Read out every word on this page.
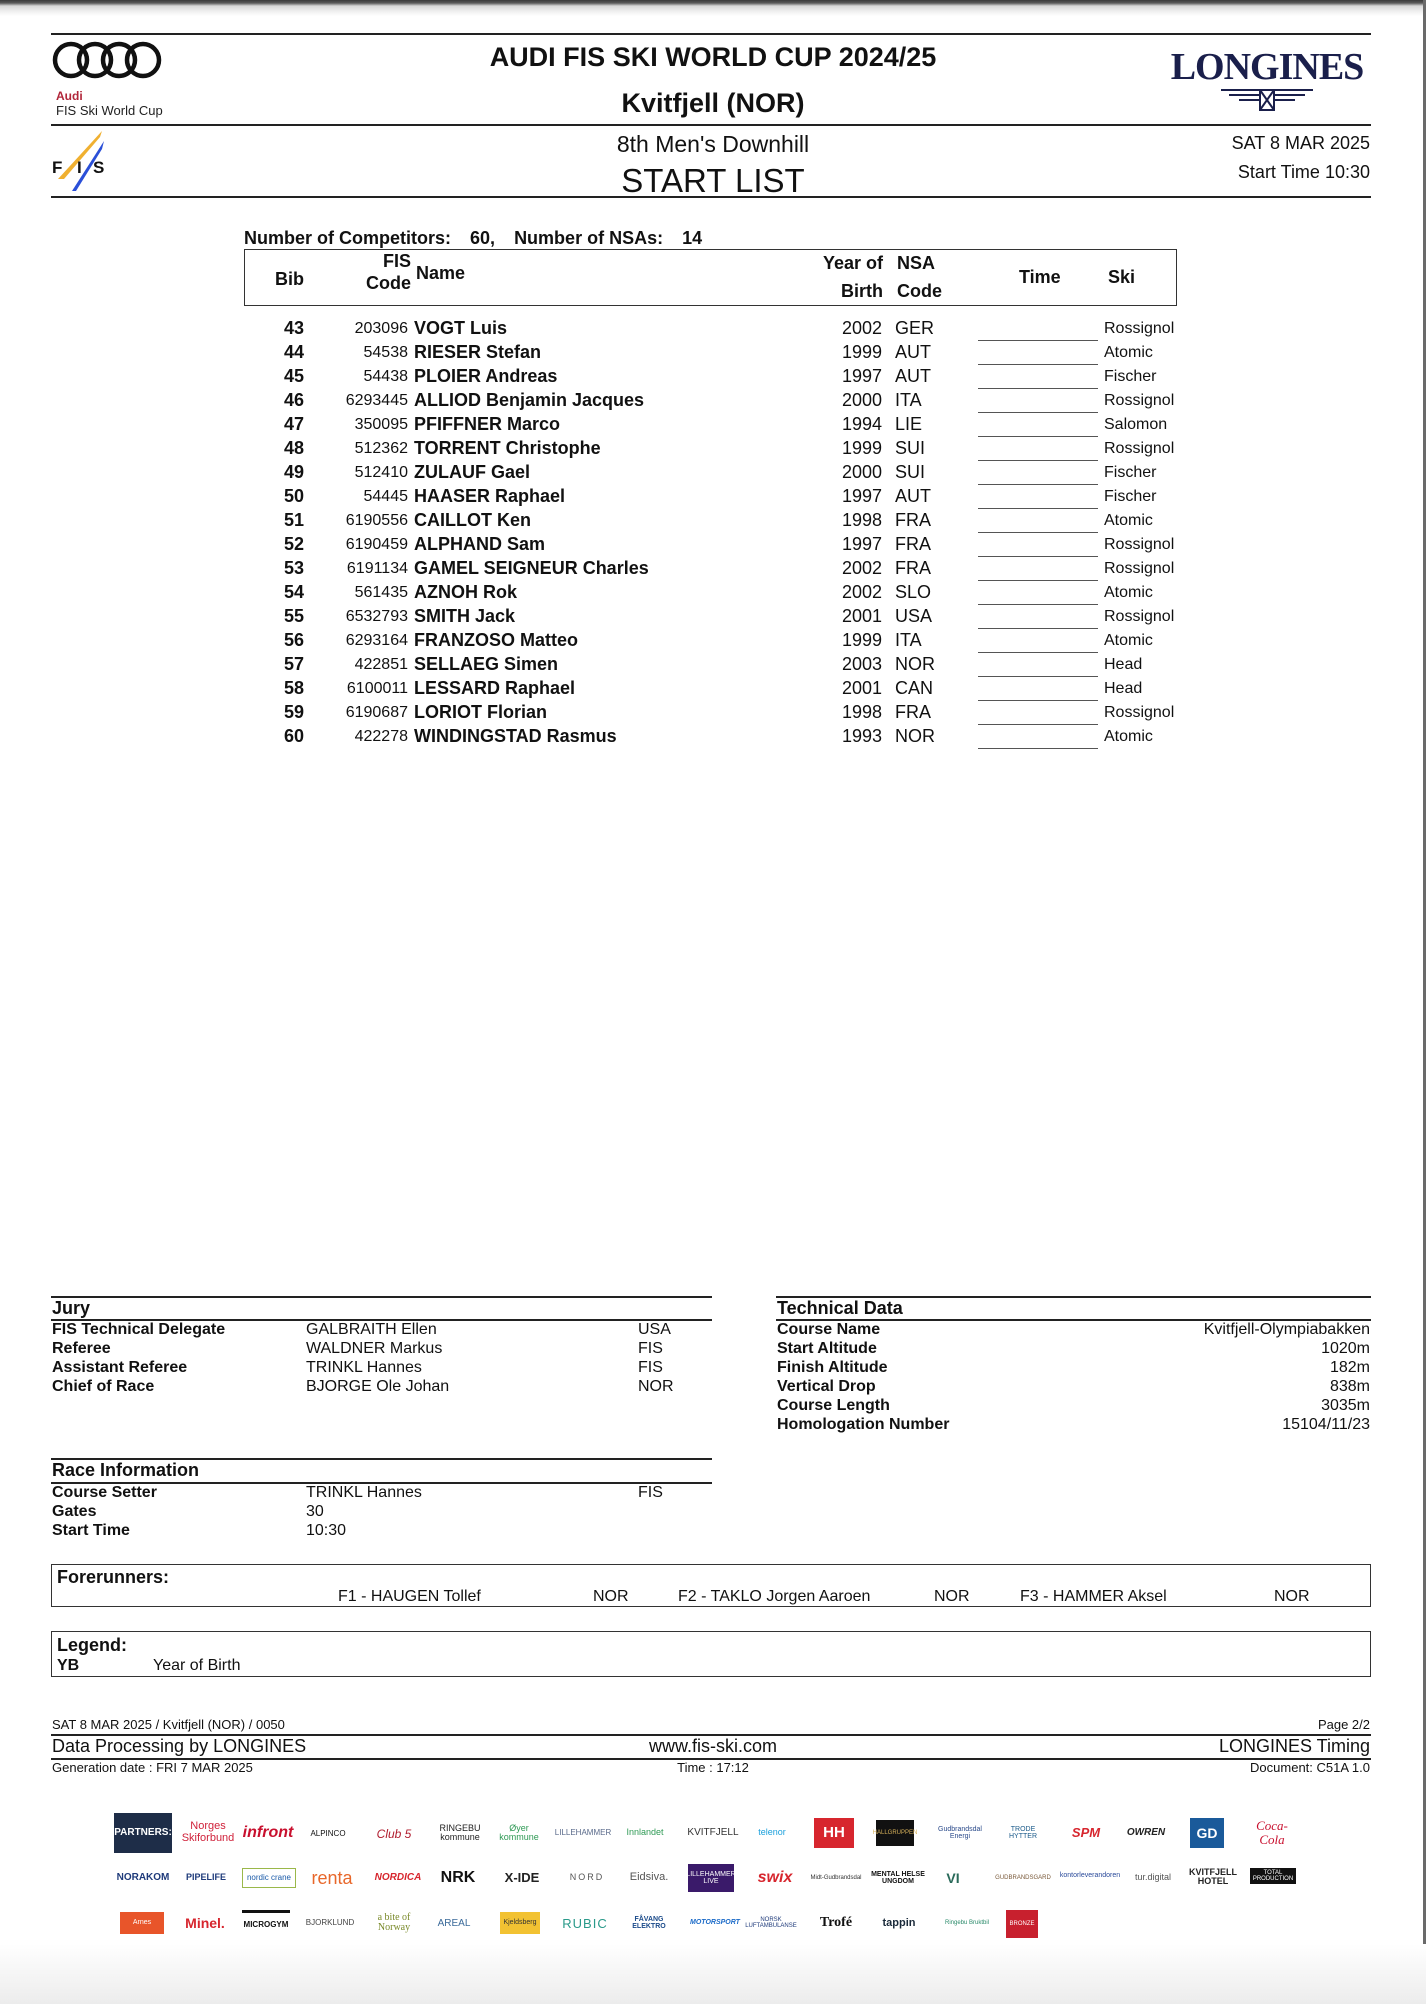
Audi
FIS Ski World Cup
F I S
AUDI FIS SKI WORLD CUP 2024/25
Kvitfjell (NOR)
8th Men's Downhill
START LIST
LONGINES
SAT 8 MAR 2025
Start Time 10:30
Number of Competitors: 60, Number of NSAs: 14
Bib
FIS
Code Name	Year of
Birth
NSA
Code
Time	Ski
43	203096 VOGT Luis	2002 GER	Rossignol
44	54538 RIESER Stefan	1999 AUT	Atomic
45	54438 PLOIER Andreas	1997 AUT	Fischer
46	6293445 ALLIOD Benjamin Jacques	2000 ITA	Rossignol
47	350095 PFIFFNER Marco	1994 LIE	Salomon
48	512362 TORRENT Christophe	1999 SUI	Rossignol
49	512410 ZULAUF Gael	2000 SUI	Fischer
50	54445 HAASER Raphael	1997 AUT	Fischer
51	6190556 CAILLOT Ken	1998 FRA	Atomic
52	6190459 ALPHAND Sam	1997 FRA	Rossignol
53	6191134 GAMEL SEIGNEUR Charles	2002 FRA	Rossignol
54	561435 AZNOH Rok	2002 SLO	Atomic
55	6532793 SMITH Jack	2001 USA	Rossignol
56	6293164 FRANZOSO Matteo	1999 ITA	Atomic
57	422851 SELLAEG Simen	2003 NOR	Head
58	6100011 LESSARD Raphael	2001 CAN	Head
59	6190687 LORIOT Florian	1998 FRA	Rossignol
60	422278 WINDINGSTAD Rasmus	1993 NOR	Atomic
Jury
FIS Technical Delegate	GALBRAITH Ellen	USA
Referee	WALDNER Markus	FIS
Assistant Referee	TRINKL Hannes	FIS
Chief of Race	BJORGE Ole Johan	NOR
Race Information
Course Setter	TRINKL Hannes	FIS
Gates	30
Start Time	10:30
Technical Data
Course Name	Kvitfjell-Olympiabakken
Start Altitude	1020m
Finish Altitude	182m
Vertical Drop	838m
Course Length	3035m
Homologation Number	15104/11/23
Forerunners:
F1 - HAUGEN Tollef	NOR	F2 - TAKLO Jorgen Aaroen	NOR	F3 - HAMMER Aksel	NOR
Legend:
YB	Year of Birth
SAT 8 MAR 2025 / Kvitfjell (NOR) / 0050	Page 2/2
Data Processing by LONGINES	www.fis-ski.com	LONGINES Timing
Generation date : FRI 7 MAR 2025	Time : 17:12	Document: C51A 1.0
PARTNERS:	Norges Skiforbund infront	ALPINCO	Club 5	RINGEBU kommune
Øyer kommune	LILLEHAMMER	Innlandet	KVITFJELL	telenor	HH	HALLGRUPPEN
Gudbrandsdal Energi
TRODE HYTTER	SPM	OWREN	GD	Coca-Cola
NORAKOM	PIPELIFE	nordic crane	renta	NORDICA NRK	X-IDE	NORD	Eidsiva.	LILLEHAMMER LIVE	swix	Midt-Gudbrandsdal
MENTAL HELSE UNGDOM	VI	GUDBRANDSGARD kontorleverandoren	tur.digital
KVITFJELL HOTEL
TOTAL PRODUCTION
Arnes	Minel.	MICROGYM BJORKLUND	a bite of Norway	AREAL	Kjeldsberg RUBIC	FÅVANG ELEKTRO
MOTORSPORT	NORSK LUFTAMBULANSE	Trofé	tappin	Ringebu Bruktbil	BRONZE
